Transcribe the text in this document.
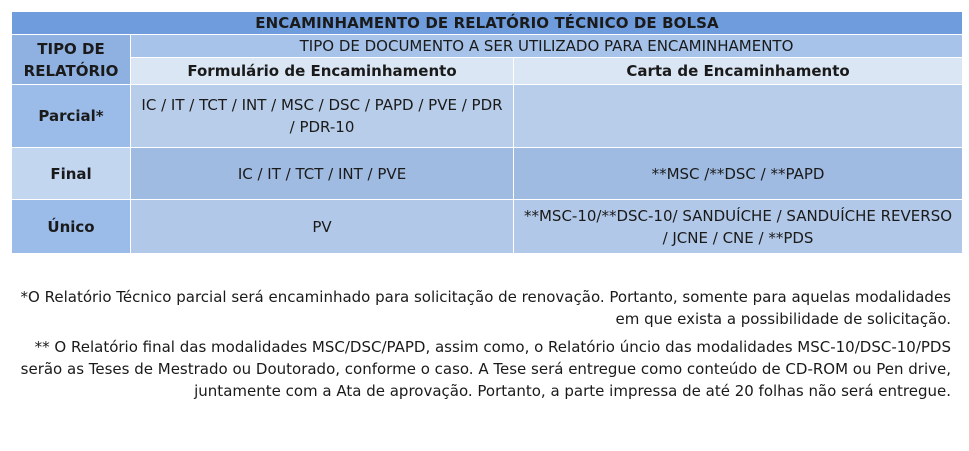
ENCAMINHAMENTO DE RELATÓRIO TÉCNICO DE BOLSA		
TIPO DE RELATÓRIO	TIPO DE DOCUMENTO A SER UTILIZADO PARA ENCAMINHAMENTO	
	Formulário de Encaminhamento	Carta de Encaminhamento
Parcial*	IC / IT / TCT / INT / MSC / DSC / PAPD / PVE / PDR / PDR-10	
Final	IC / IT / TCT / INT / PVE	**MSC /**DSC / **PAPD
Único	PV	**MSC-10/**DSC-10/ SANDUÍCHE / SANDUÍCHE REVERSO / JCNE / CNE / **PDS

*O Relatório Técnico parcial será encaminhado para solicitação de renovação. Portanto, somente para aquelas modalidades em que exista a possibilidade de solicitação.

** O Relatório final das modalidades MSC/DSC/PAPD, assim como, o Relatório úncio das modalidades MSC-10/DSC-10/PDS serão as Teses de Mestrado ou Doutorado, conforme o caso. A Tese será entregue como conteúdo de CD-ROM ou Pen drive, juntamente com a Ata de aprovação. Portanto, a parte impressa de até 20 folhas não será entregue.
